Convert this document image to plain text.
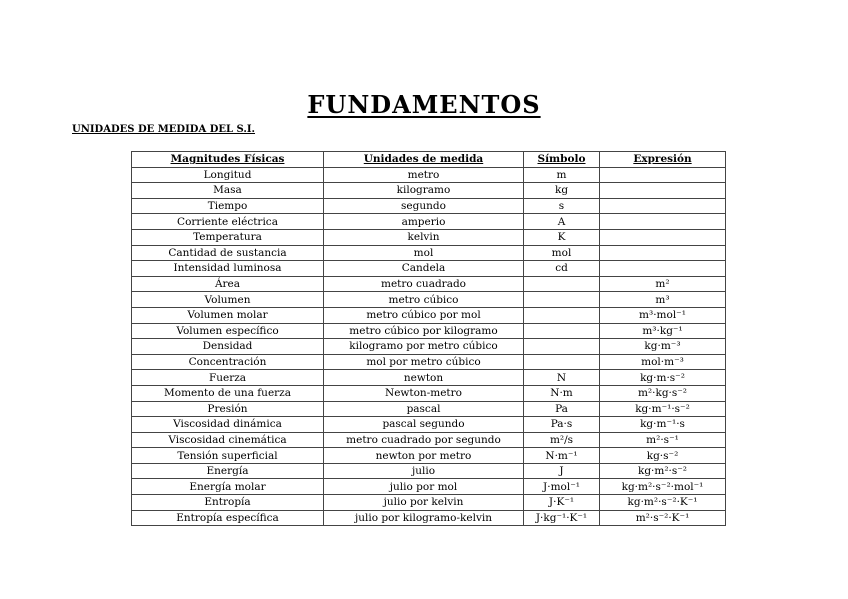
FUNDAMENTOS
UNIDADES DE MEDIDA DEL S.I.
Magnitudes Físicas	Unidades de medida	Símbolo	Expresión
Longitud	metro	m	
Masa	kilogramo	kg	
Tiempo	segundo	s	
Corriente eléctrica	amperio	A	
Temperatura	kelvin	K	
Cantidad de sustancia	mol	mol	
Intensidad luminosa	Candela	cd	
Área	metro cuadrado		m²
Volumen	metro cúbico		m³
Volumen molar	metro cúbico por mol		m³·mol⁻¹
Volumen específico	metro cúbico por kilogramo		m³·kg⁻¹
Densidad	kilogramo por metro cúbico		kg·m⁻³
Concentración	mol por metro cúbico		mol·m⁻³
Fuerza	newton	N	kg·m·s⁻²
Momento de una fuerza	Newton-metro	N·m	m²·kg·s⁻²
Presión	pascal	Pa	kg·m⁻¹·s⁻²
Viscosidad dinámica	pascal segundo	Pa·s	kg·m⁻¹·s
Viscosidad cinemática	metro cuadrado por segundo	m²/s	m²·s⁻¹
Tensión superficial	newton por metro	N·m⁻¹	kg·s⁻²
Energía	julio	J	kg·m²·s⁻²
Energía molar	julio por mol	J·mol⁻¹	kg·m²·s⁻²·mol⁻¹
Entropía	julio por kelvin	J·K⁻¹	kg·m²·s⁻²·K⁻¹
Entropía específica	julio por kilogramo-kelvin	J·kg⁻¹·K⁻¹	m²·s⁻²·K⁻¹
